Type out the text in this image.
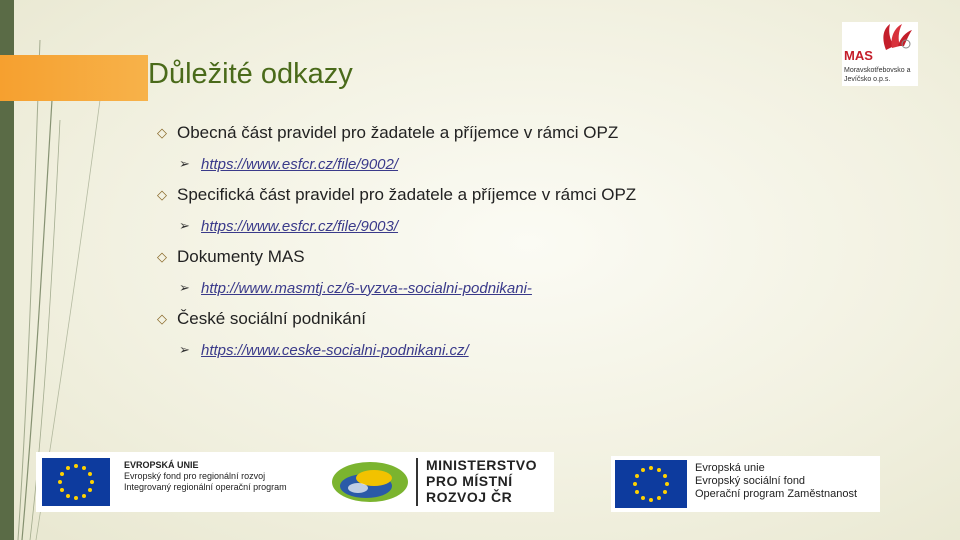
Důležité odkazy
◇ Obecná část pravidel pro žadatele a příjemce v rámci OPZ
➢ https://www.esfcr.cz/file/9002/
◇ Specifická část pravidel pro žadatele a příjemce v rámci OPZ
➢ https://www.esfcr.cz/file/9003/
◇ Dokumenty MAS
➢ http://www.masmtj.cz/6-vyzva--socialni-podnikani-
◇ České sociální podnikání
➢ https://www.ceske-socialni-podnikani.cz/
MAS
Moravskotřebovsko a Jevíčsko o.p.s.
EVROPSKÁ UNIE
Evropský fond pro regionální rozvoj
Integrovaný regionální operační program
MINISTERSTVO
PRO MÍSTNÍ
ROZVOJ ČR
Evropská unie
Evropský sociální fond
Operační program Zaměstnanost
